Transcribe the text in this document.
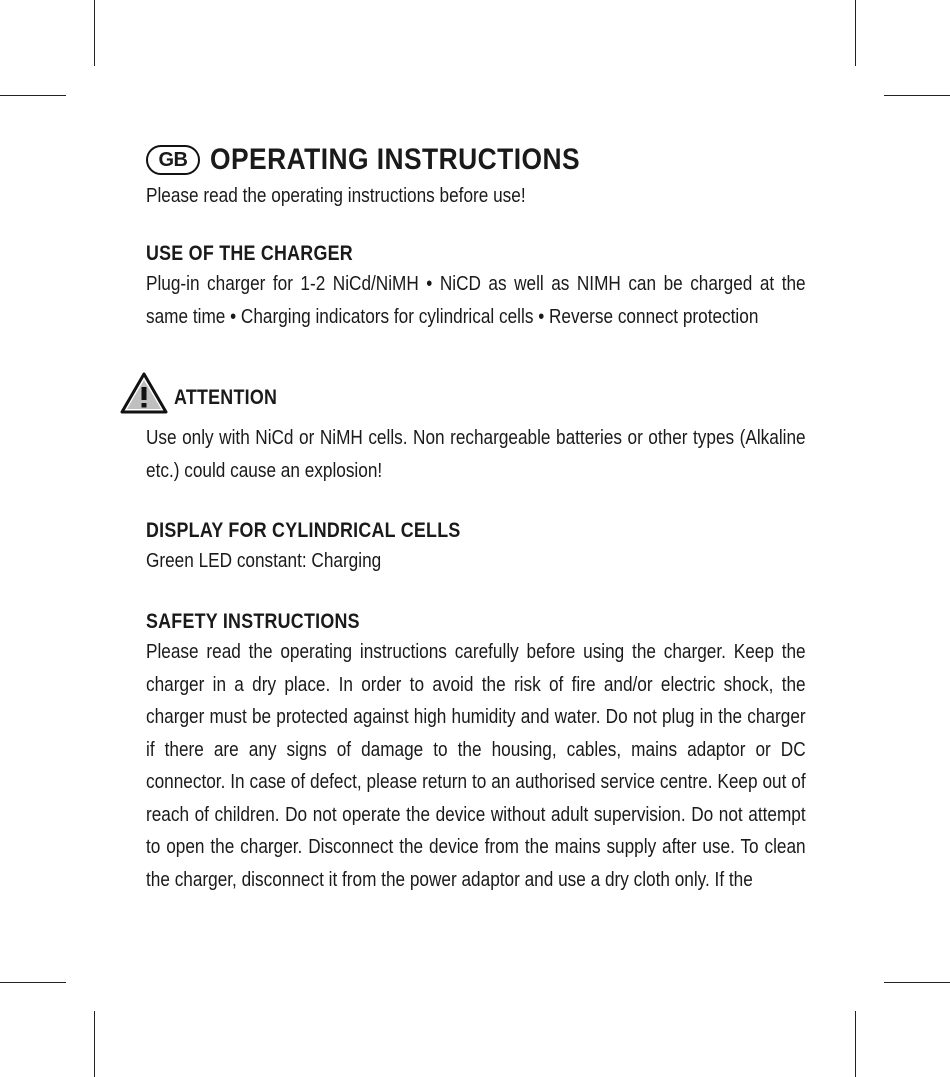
GB OPERATING INSTRUCTIONS
Please read the operating instructions before use!
USE OF THE CHARGER
Plug-in charger for 1-2 NiCd/NiMH • NiCD as well as NIMH can be charged at the same time • Charging indicators for cylindrical cells • Reverse connect protection
ATTENTION
Use only with NiCd or NiMH cells. Non rechargeable batteries or other types (Alkaline etc.) could cause an explosion!
DISPLAY FOR CYLINDRICAL CELLS
Green LED constant: Charging
SAFETY INSTRUCTIONS
Please read the operating instructions carefully before using the charger. Keep the charger in a dry place. In order to avoid the risk of fire and/or electric shock, the charger must be protected against high humidity and water. Do not plug in the charger if there are any signs of damage to the housing, cables, mains adaptor or DC connector. In case of defect, please return to an authorised service centre. Keep out of reach of children. Do not operate the device without adult supervision. Do not attempt to open the charger. Disconnect the device from the mains supply after use. To clean the charger, disconnect it from the power adaptor and use a dry cloth only. If the
